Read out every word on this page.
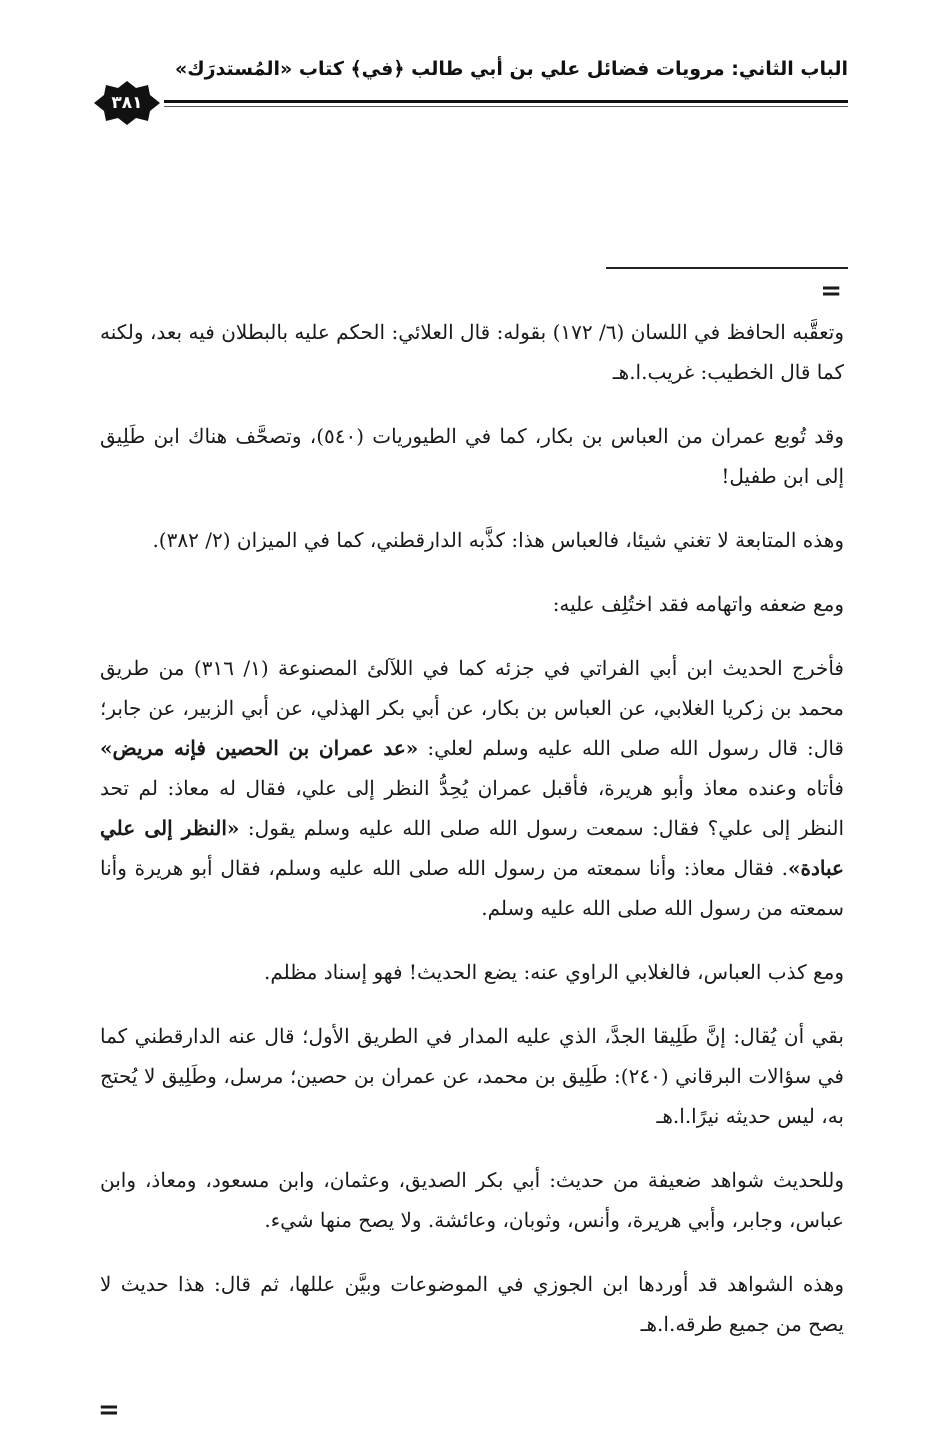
الباب الثاني: مرويات فضائل علي بن أبي طالب ﴿في﴾ كتاب «المُستدرَك»
٣٨١
=

وتعقَّبه الحافظ في اللسان (٦/ ١٧٢) بقوله: قال العلائي: الحكم عليه بالبطلان فيه بعد، ولكنه كما قال الخطيب: غريب.ا.هـ

وقد تُوبع عمران من العباس بن بكار، كما في الطيوريات (٥٤٠)، وتصحَّف هناك ابن طَلِيق إلى ابن طفيل!

وهذه المتابعة لا تغني شيئا، فالعباس هذا: كذَّبه الدارقطني، كما في الميزان (٢/ ٣٨٢).

ومع ضعفه واتهامه فقد اختُلِف عليه:

فأخرج الحديث ابن أبي الفراتي في جزئه كما في اللآلئ المصنوعة (١/ ٣١٦) من طريق محمد بن زكريا الغلابي، عن العباس بن بكار، عن أبي بكر الهذلي، عن أبي الزبير، عن جابر؛ قال: قال رسول الله صلى الله عليه وسلم لعلي: «عد عمران بن الحصين فإنه مريض» فأتاه وعنده معاذ وأبو هريرة، فأقبل عمران يُحِدُّ النظر إلى علي، فقال له معاذ: لم تحد النظر إلى علي؟ فقال: سمعت رسول الله صلى الله عليه وسلم يقول: «النظر إلى علي عبادة». فقال معاذ: وأنا سمعته من رسول الله صلى الله عليه وسلم، فقال أبو هريرة وأنا سمعته من رسول الله صلى الله عليه وسلم.

ومع كذب العباس، فالغلابي الراوي عنه: يضع الحديث! فهو إسناد مظلم.

بقي أن يُقال: إنَّ طَلِيقا الجدَّ، الذي عليه المدار في الطريق الأول؛ قال عنه الدارقطني كما في سؤالات البرقاني (٢٤٠): طَلِيق بن محمد، عن عمران بن حصين؛ مرسل، وطَلِيق لا يُحتج به، ليس حديثه نيرًا.ا.هـ

وللحديث شواهد ضعيفة من حديث: أبي بكر الصديق، وعثمان، وابن مسعود، ومعاذ، وابن عباس، وجابر، وأبي هريرة، وأنس، وثوبان، وعائشة. ولا يصح منها شيء.

وهذه الشواهد قد أوردها ابن الجوزي في الموضوعات وبيَّن عللها، ثم قال: هذا حديث لا يصح من جميع طرقه.ا.هـ

=
